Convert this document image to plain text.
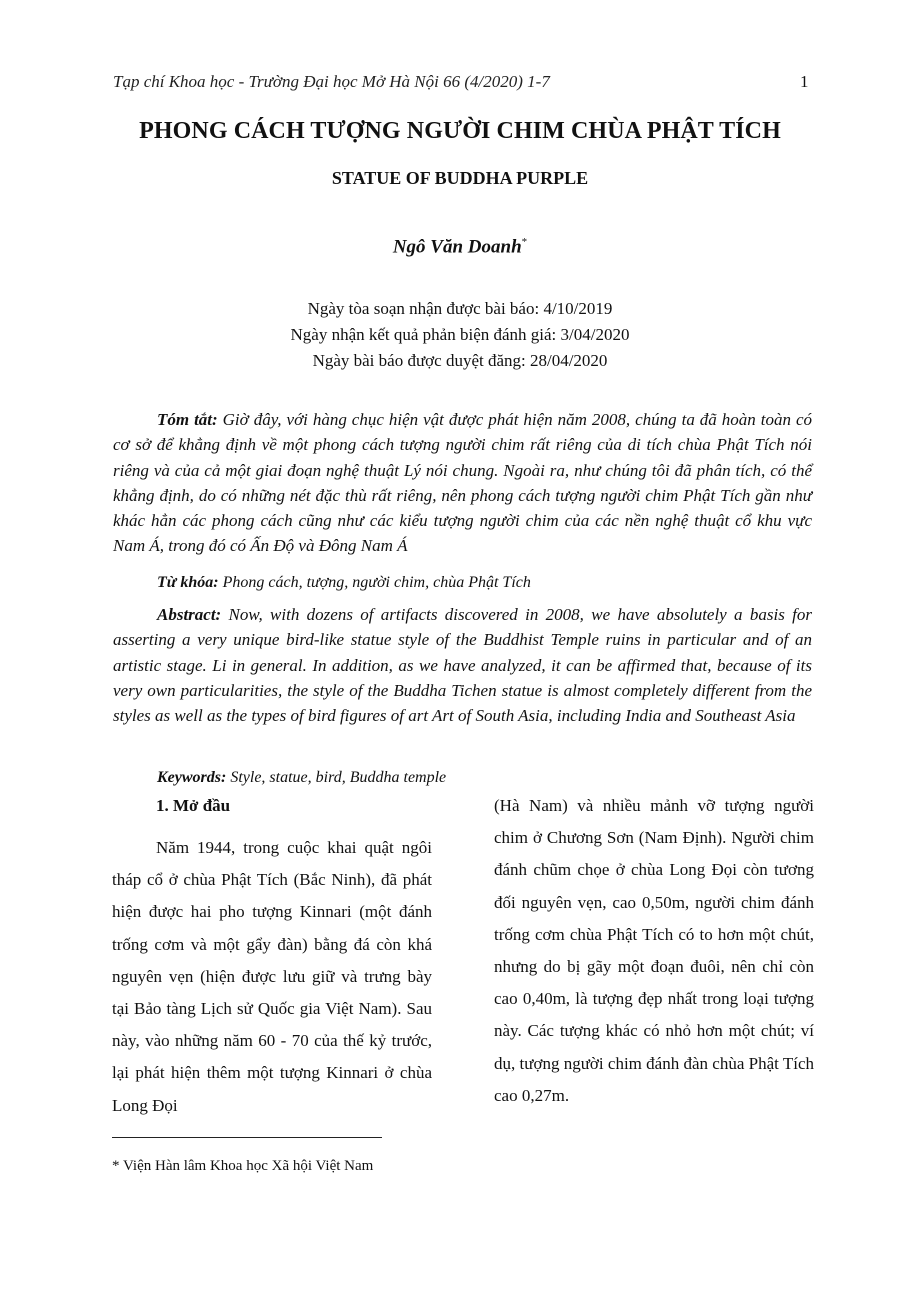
Tạp chí Khoa học - Trường Đại học Mở Hà Nội 66 (4/2020) 1-7	1
PHONG CÁCH TƯỢNG NGƯỜI CHIM CHÙA PHẬT TÍCH
STATUE OF BUDDHA PURPLE
Ngô Văn Doanh*
Ngày tòa soạn nhận được bài báo: 4/10/2019
Ngày nhận kết quả phản biện đánh giá: 3/04/2020
Ngày bài báo được duyệt đăng: 28/04/2020
Tóm tắt: Giờ đây, với hàng chục hiện vật được phát hiện năm 2008, chúng ta đã hoàn toàn có cơ sở để khẳng định về một phong cách tượng người chim rất riêng của di tích chùa Phật Tích nói riêng và của cả một giai đoạn nghệ thuật Lý nói chung. Ngoài ra, như chúng tôi đã phân tích, có thể khẳng định, do có những nét đặc thù rất riêng, nên phong cách tượng người chim Phật Tích gần như khác hẳn các phong cách cũng như các kiểu tượng người chim của các nền nghệ thuật cổ khu vực Nam Á, trong đó có Ấn Độ và Đông Nam Á
Từ khóa: Phong cách, tượng, người chim, chùa Phật Tích
Abstract: Now, with dozens of artifacts discovered in 2008, we have absolutely a basis for asserting a very unique bird-like statue style of the Buddhist Temple ruins in particular and of an artistic stage. Li in general. In addition, as we have analyzed, it can be affirmed that, because of its very own particularities, the style of the Buddha Tichen statue is almost completely different from the styles as well as the types of bird figures of art Art of South Asia, including India and Southeast Asia
Keywords: Style, statue, bird, Buddha temple
1. Mở đầu

Năm 1944, trong cuộc khai quật ngôi tháp cổ ở chùa Phật Tích (Bắc Ninh), đã phát hiện được hai pho tượng Kinnari (một đánh trống cơm và một gẩy đàn) bằng đá còn khá nguyên vẹn (hiện được lưu giữ và trưng bày tại Bảo tàng Lịch sử Quốc gia Việt Nam). Sau này, vào những năm 60 - 70 của thế kỷ trước, lại phát hiện thêm một tượng Kinnari ở chùa Long Đọi

(Hà Nam) và nhiều mảnh vỡ tượng người chim ở Chương Sơn (Nam Định). Người chim đánh chũm chọe ở chùa Long Đọi còn tương đối nguyên vẹn, cao 0,50m, người chim đánh trống cơm chùa Phật Tích có to hơn một chút, nhưng do bị gãy một đoạn đuôi, nên chỉ còn cao 0,40m, là tượng đẹp nhất trong loại tượng này. Các tượng khác có nhỏ hơn một chút; ví dụ, tượng người chim đánh đàn chùa Phật Tích cao 0,27m.

* Viện Hàn lâm Khoa học Xã hội Việt Nam
